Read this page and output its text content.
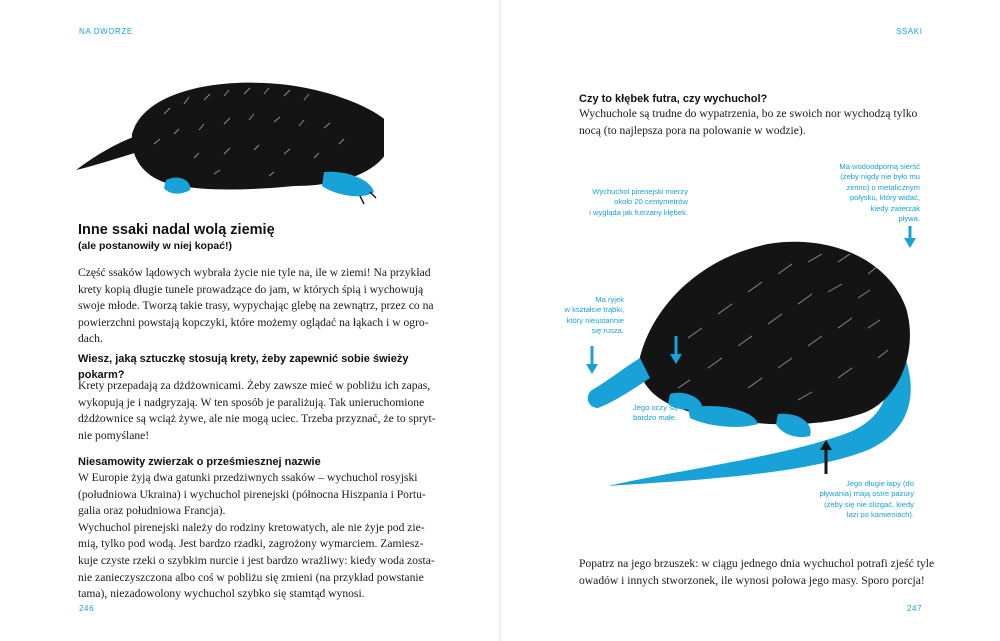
NA DWORZE
Inne ssaki nadal wolą ziemię
(ale postanowiły w niej kopać!)
Część ssaków lądowych wybrała życie nie tyle na, ile w ziemi! Na przykład
krety kopią długie tunele prowadzące do jam, w których śpią i wychowują
swoje młode. Tworzą takie trasy, wypychając glebę na zewnątrz, przez co na
powierzchni powstają kopczyki, które możemy oglądać na łąkach i w ogro-
dach.
Wiesz, jaką sztuczkę stosują krety, żeby zapewnić sobie świeży
pokarm?
Krety przepadają za dżdżownicami. Żeby zawsze mieć w pobliżu ich zapas,
wykopują je i nadgryzają. W ten sposób je paraliżują. Tak unieruchomione
dżdżownice są wciąż żywe, ale nie mogą uciec. Trzeba przyznać, że to spryt-
nie pomyślane!
Niesamowity zwierzak o prześmiesznej nazwie
W Europie żyją dwa gatunki przedziwnych ssaków – wychuchol rosyjski
(południowa Ukraina) i wychuchol pirenejski (północna Hiszpania i Portu-
galia oraz południowa Francja).
Wychuchol pirenejski należy do rodziny kretowatych, ale nie żyje pod zie-
mią, tylko pod wodą. Jest bardzo rzadki, zagrożony wymarciem. Zamiesz-
kuje czyste rzeki o szybkim nurcie i jest bardzo wrażliwy: kiedy woda zosta-
nie zanieczyszczona albo coś w pobliżu się zmieni (na przykład powstanie
tama), niezadowolony wychuchol szybko się stamtąd wynosi.
246
SSAKI
Czy to kłębek futra, czy wychuchol?
Wychuchole są trudne do wypatrzenia, bo ze swoich nor wychodzą tylko
nocą (to najlepsza pora na polowanie w wodzie).
Ma wodoodporną sierść
(żeby nigdy nie było mu
zimno) o metalicznym
połysku, który widać,
kiedy zwierzak
pływa.
Wychuchol pirenejski mierzy
około 20 centymetrów
i wygląda jak futrzany kłębek.
Ma ryjek
w kształcie trąbki,
który nieustannie
się rusza.
Jego oczy są
bardzo małe.
Jego długie łapy (do
pływania) mają ostre pazury
(żeby się nie ślizgać, kiedy
łazi po kamieniach).
Popatrz na jego brzuszek: w ciągu jednego dnia wychuchol potrafi zjeść tyle
owadów i innych stworzonek, ile wynosi połowa jego masy. Sporo porcja!
247
